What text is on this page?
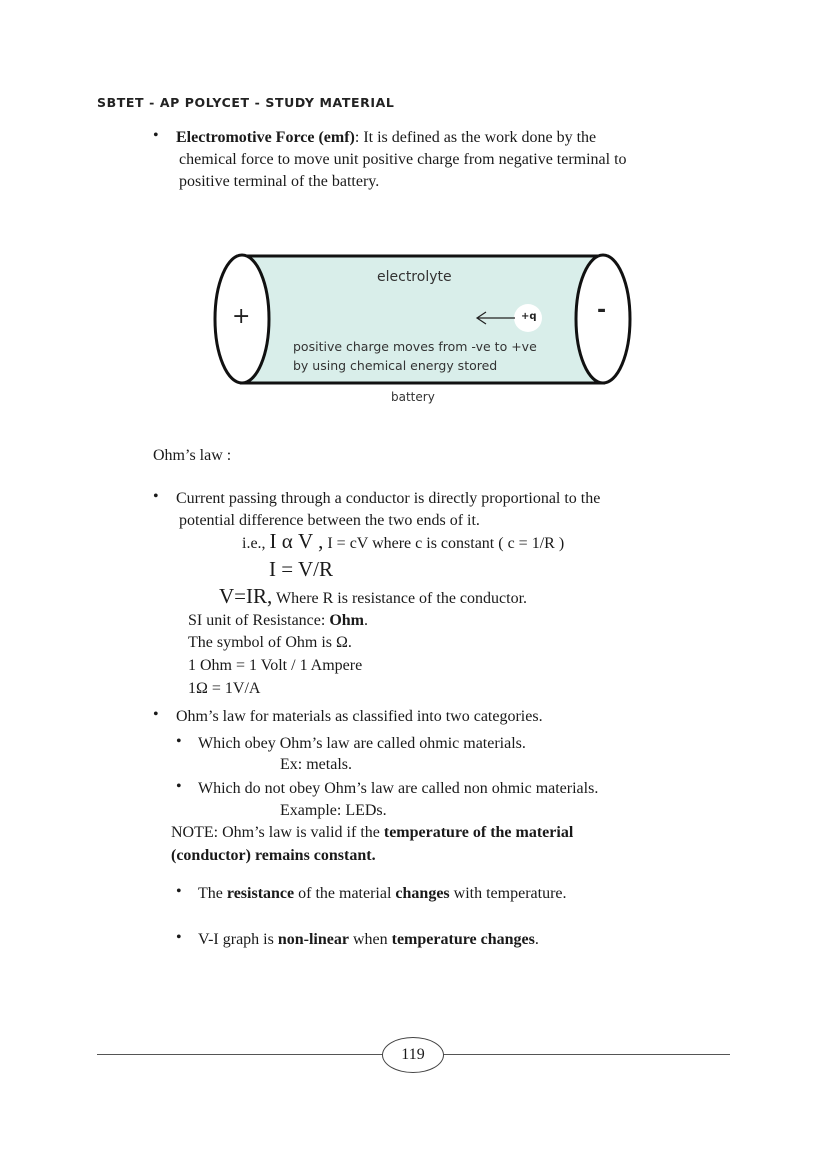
SBTET - AP POLYCET - STUDY MATERIAL
• Electromotive Force (emf): It is defined as the work done by the
chemical force to move unit positive charge from negative terminal to
positive terminal of the battery.
electrolyte
+	-
+q
positive charge moves from -ve to +ve
by using chemical energy stored
battery
Ohm’s law :
• Current passing through a conductor is directly proportional to the
potential difference between the two ends of it.
i.e., I α V , I = cV where c is constant ( c = 1/R )
I = V/R
V=IR, Where R is resistance of the conductor.
SI unit of Resistance: Ohm.
The symbol of Ohm is Ω.
1 Ohm = 1 Volt / 1 Ampere
1Ω = 1V/A
• Ohm’s law for materials as classified into two categories.
• Which obey Ohm’s law are called ohmic materials.
Ex: metals.
• Which do not obey Ohm’s law are called non ohmic materials.
Example: LEDs.
NOTE: Ohm’s law is valid if the temperature of the material
(conductor) remains constant.
• The resistance of the material changes with temperature.
• V-I graph is non-linear when temperature changes.
119
